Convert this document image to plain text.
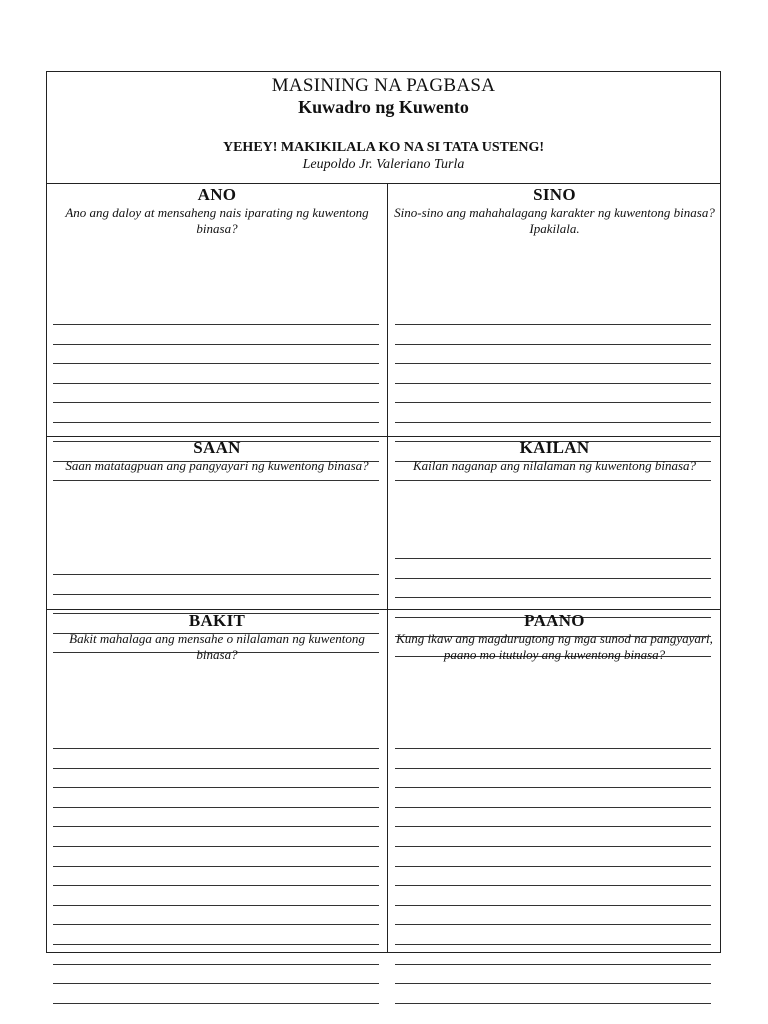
MASINING NA PAGBASA
Kuwadro ng Kuwento
YEHEY! MAKIKILALA KO NA SI TATA USTENG!
Leupoldo Jr. Valeriano Turla
ANO
Ano ang daloy at mensaheng nais iparating ng kuwentong binasa?
SINO
Sino-sino ang mahahalagang karakter ng kuwentong binasa? Ipakilala.
SAAN
Saan matatagpuan ang pangyayari ng kuwentong binasa?
KAILAN
Kailan naganap ang nilalaman ng kuwentong binasa?
BAKIT
Bakit mahalaga ang mensahe o nilalaman ng kuwentong binasa?
PAANO
Kung ikaw ang magdurugtong ng mga sunod na pangyayari, paano mo itutuloy ang kuwentong binasa?
